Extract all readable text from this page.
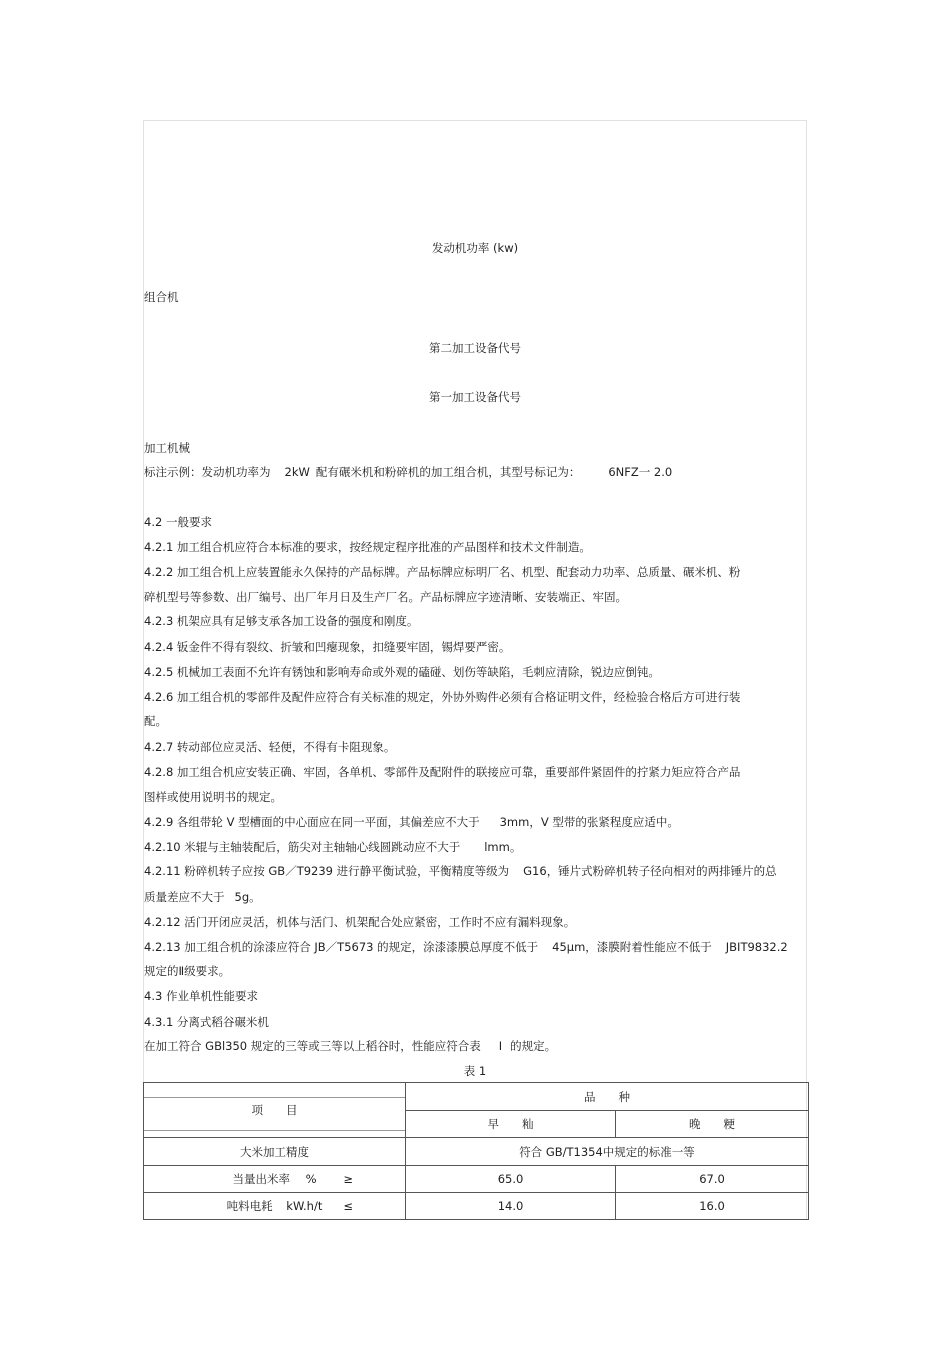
发动机功率 (kw)
组合机
第二加工设备代号
第一加工设备代号
加工机械
标注示例：发动机功率为 2kW 配有碾米机和粉碎机的加工组合机，其型号标记为： 6NFZ一 2.0
4.2 一般要求
4.2.1 加工组合机应符合本标准的要求，按经规定程序批准的产品图样和技术文件制造。
4.2.2 加工组合机上应装置能永久保持的产品标牌。产品标牌应标明厂名、机型、配套动力功率、总质量、碾米机、粉
碎机型号等参数、出厂编号、出厂年月日及生产厂名。产品标牌应字迹清晰、安装端正、牢固。
4.2.3 机架应具有足够支承各加工设备的强度和刚度。
4.2.4 钣金件不得有裂纹、折皱和凹瘪现象，扣缝要牢固，锡焊要严密。
4.2.5 机械加工表面不允许有锈蚀和影响寿命或外观的磕碰、划伤等缺陷，毛刺应清除，锐边应倒钝。
4.2.6 加工组合机的零部件及配件应符合有关标准的规定，外协外购件必须有合格证明文件，经检验合格后方可进行装
配。
4.2.7 转动部位应灵活、轻便，不得有卡阻现象。
4.2.8 加工组合机应安装正确、牢固，各单机、零部件及配附件的联接应可靠，重要部件紧固件的拧紧力矩应符合产品
图样或使用说明书的规定。
4.2.9 各组带轮 V 型槽面的中心面应在同一平面，其偏差应不大于 3mm，V 型带的张紧程度应适中。
4.2.10 米辊与主轴装配后，筋尖对主轴轴心线圆跳动应不大于 lmm。
4.2.11 粉碎机转子应按 GB／T9239 进行静平衡试验，平衡精度等级为 G16，锤片式粉碎机转子径向相对的两排锤片的总
质量差应不大于 5g。
4.2.12 活门开闭应灵活，机体与活门、机架配合处应紧密，工作时不应有漏料现象。
4.2.13 加工组合机的涂漆应符合 JB／T5673 的规定，涂漆漆膜总厚度不低于 45μm，漆膜附着性能应不低于 JBIT9832.2
规定的Ⅱ级要求。
4.3 作业单机性能要求
4.3.1 分离式稻谷碾米机
在加工符合 GBl350 规定的三等或三等以上稻谷时，性能应符合表 Ⅰ 的规定。
表 1
项　　目	品　　种	
	早　　籼	晚　　粳
大米加工精度	符合 GB/T1354中规定的标准一等	
当量出米率 % ≥	65.0	67.0
吨料电耗 kW.h/t ≤	14.0	16.0
